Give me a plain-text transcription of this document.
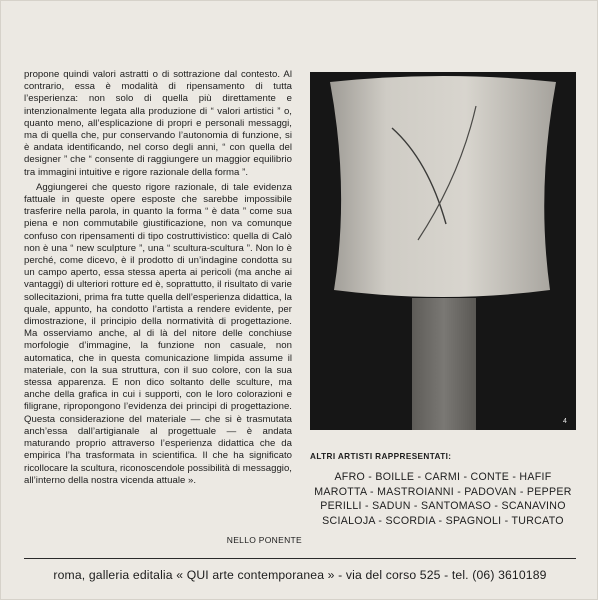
propone quindi valori astratti o di sottrazione dal contesto. Al contrario, essa è modalità di ripensamento di tutta l’esperienza: non solo di quella più direttamente e intenzionalmente legata alla produzione di “ valori artistici ” o, quanto meno, all’esplicazione di propri e personali messaggi, ma di quella che, pur conservando l’autonomia di funzione, si è andata identificando, nel corso degli anni, “ con quella del designer ” che “ consente di raggiungere un maggior equilibrio tra immagini intuitive e rigore razionale della forma ”.

Aggiungerei che questo rigore razionale, di tale evidenza fattuale in queste opere esposte che sarebbe impossibile trasferire nella parola, in quanto la forma “ è data ” come sua piena e non commutabile giustificazione, non va comunque confuso con ripensamenti di tipo costruttivistico: quella di Calò non è una “ new sculpture ”, una “ scultura-scultura ”. Non lo è perché, come dicevo, è il prodotto di un’indagine condotta su un campo aperto, essa stessa aperta ai pericoli (ma anche ai vantaggi) di ulteriori rotture ed è, soprattutto, il risultato di varie sollecitazioni, prima fra tutte quella dell’esperienza didattica, la quale, appunto, ha condotto l’artista a rendere evidente, per dimostrazione, il principio della normatività di progettazione. Ma osserviamo anche, al di là del nitore delle conchiuse morfologie d’immagine, la funzione non casuale, non automatica, che in questa comunicazione limpida assume il materiale, con la sua struttura, con il suo colore, con la sua stessa apparenza. E non dico soltanto delle sculture, ma anche della grafica in cui i supporti, con le loro colorazioni e filigrane, ripropongono l’evidenza dei principi di progettazione. Questa considerazione del materiale — che si è trasmutata anch’essa dall’artigianale al progettuale — è andata maturando proprio attraverso l’esperienza didattica che da empirica l’ha trasformata in scientifica. Il che ha significato ricollocare la scultura, riconoscendole possibilità di messaggio, all’interno della nostra vicenda attuale ».

NELLO PONENTE
4
ALTRI ARTISTI RAPPRESENTATI:
AFRO - BOILLE - CARMI - CONTE - HAFIF
MAROTTA - MASTROIANNI - PADOVAN - PEPPER
PERILLI - SADUN - SANTOMASO - SCANAVINO
SCIALOJA - SCORDIA - SPAGNOLI - TURCATO
roma, galleria editalia « QUI arte contemporanea » - via del corso 525 - tel. (06) 3610189
